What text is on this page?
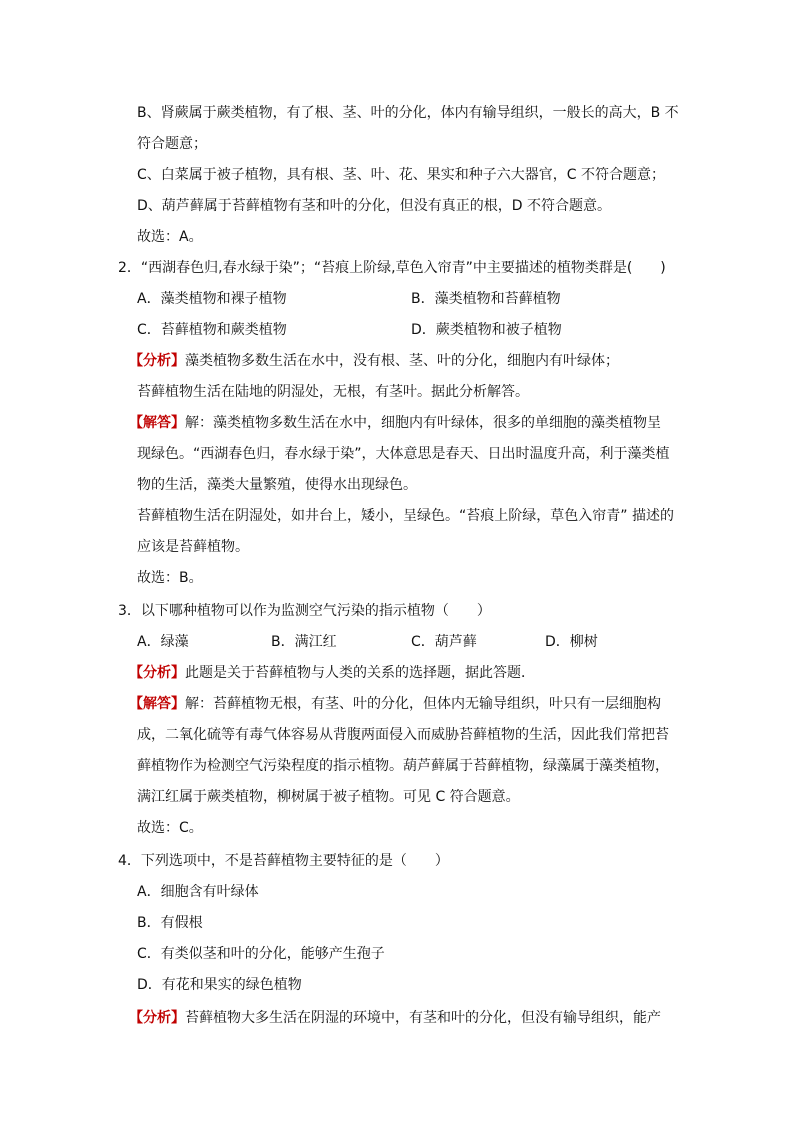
B、肾蕨属于蕨类植物，有了根、茎、叶的分化，体内有输导组织，一般长的高大，B 不
符合题意；
C、白菜属于被子植物，具有根、茎、叶、花、果实和种子六大器官，C 不符合题意；
D、葫芦藓属于苔藓植物有茎和叶的分化，但没有真正的根，D 不符合题意。
故选：A。
2．“西湖春色归,春水绿于染”；“苔痕上阶绿,草色入帘青”中主要描述的植物类群是(　　)
A．藻类植物和裸子植物	B．藻类植物和苔藓植物
C．苔藓植物和蕨类植物	D．蕨类植物和被子植物
【分析】藻类植物多数生活在水中，没有根、茎、叶的分化，细胞内有叶绿体；
苔藓植物生活在陆地的阴湿处，无根，有茎叶。据此分析解答。
【解答】解：藻类植物多数生活在水中，细胞内有叶绿体，很多的单细胞的藻类植物呈
现绿色。“西湖春色归，春水绿于染”，大体意思是春天、日出时温度升高，利于藻类植
物的生活，藻类大量繁殖，使得水出现绿色。
苔藓植物生活在阴湿处，如井台上，矮小，呈绿色。“苔痕上阶绿，草色入帘青” 描述的
应该是苔藓植物。
故选：B。
3．以下哪种植物可以作为监测空气污染的指示植物（　　）
A．绿藻	B．满江红	C．葫芦藓	D．柳树
【分析】此题是关于苔藓植物与人类的关系的选择题，据此答题．
【解答】解：苔藓植物无根，有茎、叶的分化，但体内无输导组织，叶只有一层细胞构
成，二氧化硫等有毒气体容易从背腹两面侵入而威胁苔藓植物的生活，因此我们常把苔
藓植物作为检测空气污染程度的指示植物。葫芦藓属于苔藓植物，绿藻属于藻类植物，
满江红属于蕨类植物，柳树属于被子植物。可见 C 符合题意。
故选：C。
4．下列选项中，不是苔藓植物主要特征的是（　　）
A．细胞含有叶绿体
B．有假根
C．有类似茎和叶的分化，能够产生孢子
D．有花和果实的绿色植物
【分析】苔藓植物大多生活在阴湿的环境中，有茎和叶的分化，但没有输导组织，能产
